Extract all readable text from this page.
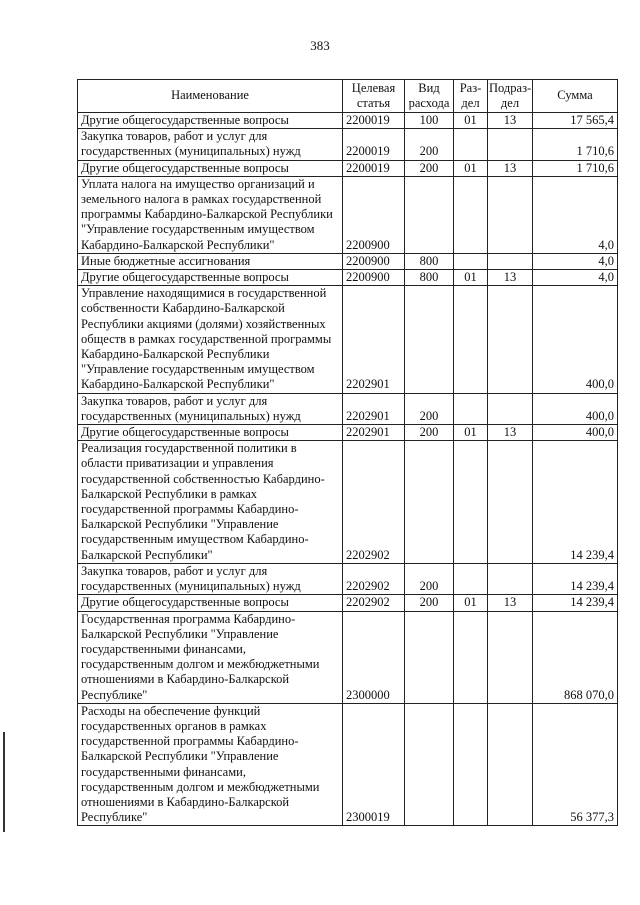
383
Наименование	Целевая статья	Вид расхода	Раз- дел	Подраз- дел	Сумма
Другие общегосударственные вопросы	2200019	100	01	13	17 565,4
Закупка товаров, работ и услуг для государственных (муниципальных) нужд	2200019	200			1 710,6
Другие общегосударственные вопросы	2200019	200	01	13	1 710,6
Уплата налога на имущество организаций и земельного налога в рамках государственной программы Кабардино-Балкарской Республики "Управление государственным имуществом Кабардино-Балкарской Республики"	2200900				4,0
Иные бюджетные ассигнования	2200900	800			4,0
Другие общегосударственные вопросы	2200900	800	01	13	4,0
Управление находящимися в государственной собственности Кабардино-Балкарской Республики акциями (долями) хозяйственных обществ в рамках государственной программы Кабардино-Балкарской Республики "Управление государственным имуществом Кабардино-Балкарской Республики"	2202901				400,0
Закупка товаров, работ и услуг для государственных (муниципальных) нужд	2202901	200			400,0
Другие общегосударственные вопросы	2202901	200	01	13	400,0
Реализация государственной политики в области приватизации и управления государственной собственностью Кабардино-Балкарской Республики в рамках государственной программы Кабардино-Балкарской Республики "Управление государственным имуществом Кабардино-Балкарской Республики"	2202902				14 239,4
Закупка товаров, работ и услуг для государственных (муниципальных) нужд	2202902	200			14 239,4
Другие общегосударственные вопросы	2202902	200	01	13	14 239,4
Государственная программа Кабардино-Балкарской Республики "Управление государственными финансами, государственным долгом и межбюджетными отношениями в Кабардино-Балкарской Республике"	2300000				868 070,0
Расходы на обеспечение функций государственных органов в рамках государственной программы Кабардино-Балкарской Республики "Управление государственными финансами, государственным долгом и межбюджетными отношениями в Кабардино-Балкарской Республике"	2300019				56 377,3
